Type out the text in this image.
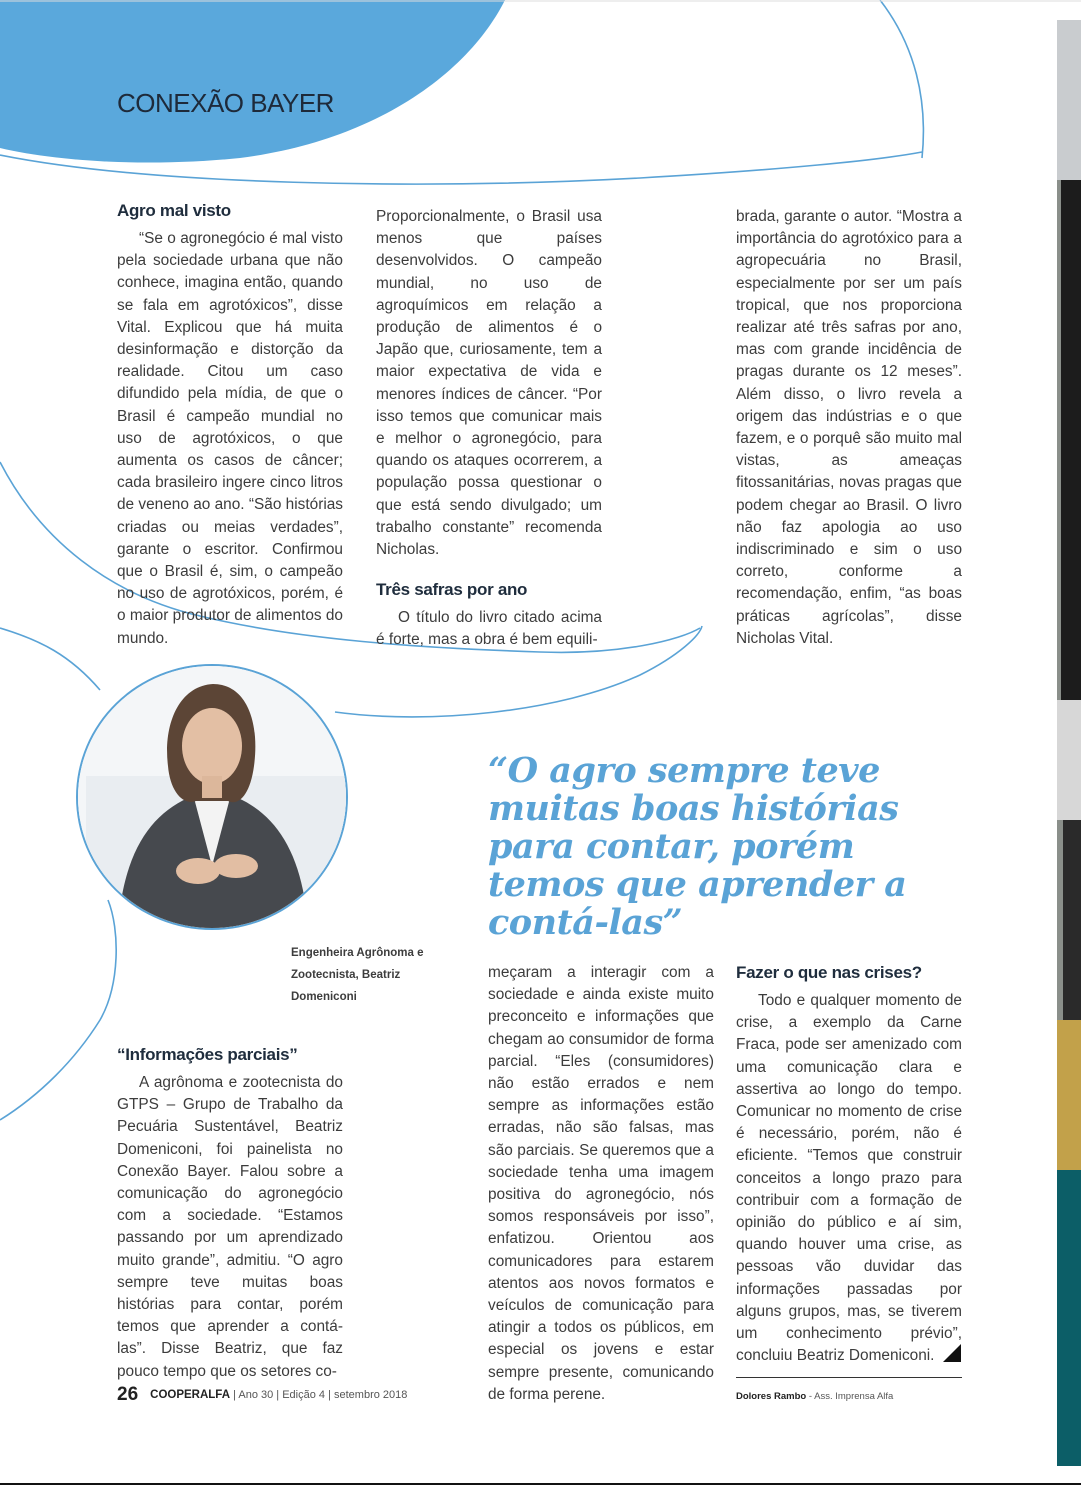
CONEXÃO BAYER
Agro mal visto

“Se o agronegócio é mal visto pela sociedade urbana que não conhece, imagina então, quando se fala em agrotóxicos”, disse Vital. Explicou que há muita desinformação e distorção da realidade. Citou um caso difundido pela mídia, de que o Brasil é campeão mundial no uso de agrotóxicos, o que aumenta os casos de câncer; cada brasileiro ingere cinco litros de veneno ao ano. “São histórias criadas ou meias verdades”, garante o escritor. Confirmou que o Brasil é, sim, o campeão no uso de agrotóxicos, porém, é o maior produtor de alimentos do mundo.

Proporcionalmente, o Brasil usa menos que países desenvolvidos. O campeão mundial, no uso de agroquímicos em relação a produção de alimentos é o Japão que, curiosamente, tem a maior expectativa de vida e menores índices de câncer. “Por isso temos que comunicar mais e melhor o agronegócio, para quando os ataques ocorrerem, a população possa questionar o que está sendo divulgado; um trabalho constante” recomenda Nicholas.

Três safras por ano

O título do livro citado acima é forte, mas a obra é bem equili-

brada, garante o autor. “Mostra a importância do agrotóxico para a agropecuária no Brasil, especialmente por ser um país tropical, que nos proporciona realizar até três safras por ano, mas com grande incidência de pragas durante os 12 meses”. Além disso, o livro revela a origem das indústrias e o que fazem, e o porquê são muito mal vistas, as ameaças fitossanitárias, novas pragas que podem chegar ao Brasil. O livro não faz apologia ao uso indiscriminado e sim o uso correto, conforme a recomendação, enfim, “as boas práticas agrícolas”, disse Nicholas Vital.

Engenheira Agrônoma e Zootecnista, Beatriz Domeniconi
“O agro sempre teve muitas boas histórias para contar, porém temos que aprender a contá-las”
“Informações parciais”

A agrônoma e zootecnista do GTPS – Grupo de Trabalho da Pecuária Sustentável, Beatriz Domeniconi, foi painelista no Conexão Bayer. Falou sobre a comunicação do agronegócio com a sociedade. “Estamos passando por um aprendizado muito grande”, admitiu. “O agro sempre teve muitas boas histórias para contar, porém temos que aprender a contá-las”. Disse Beatriz, que faz pouco tempo que os setores co-

meçaram a interagir com a sociedade e ainda existe muito preconceito e informações que chegam ao consumidor de forma parcial. “Eles (consumidores) não estão errados e nem sempre as informações estão erradas, não são falsas, mas são parciais. Se queremos que a sociedade tenha uma imagem positiva do agronegócio, nós somos responsáveis por isso”, enfatizou. Orientou aos comunicadores para estarem atentos aos novos formatos e veículos de comunicação para atingir a todos os públicos, em especial os jovens e estar sempre presente, comunicando de forma perene.

Fazer o que nas crises?

Todo e qualquer momento de crise, a exemplo da Carne Fraca, pode ser amenizado com uma comunicação clara e assertiva ao longo do tempo. Comunicar no momento de crise é necessário, porém, não é eficiente. “Temos que construir conceitos a longo prazo para contribuir com a formação de opinião do público e aí sim, quando houver uma crise, as pessoas vão duvidar das informações passadas por alguns grupos, mas, se tiverem um conhecimento prévio”, concluiu Beatriz Domeniconi.

26 COOPERALFA | Ano 30 | Edição 4 | setembro 2018	Dolores Rambo - Ass. Imprensa Alfa
